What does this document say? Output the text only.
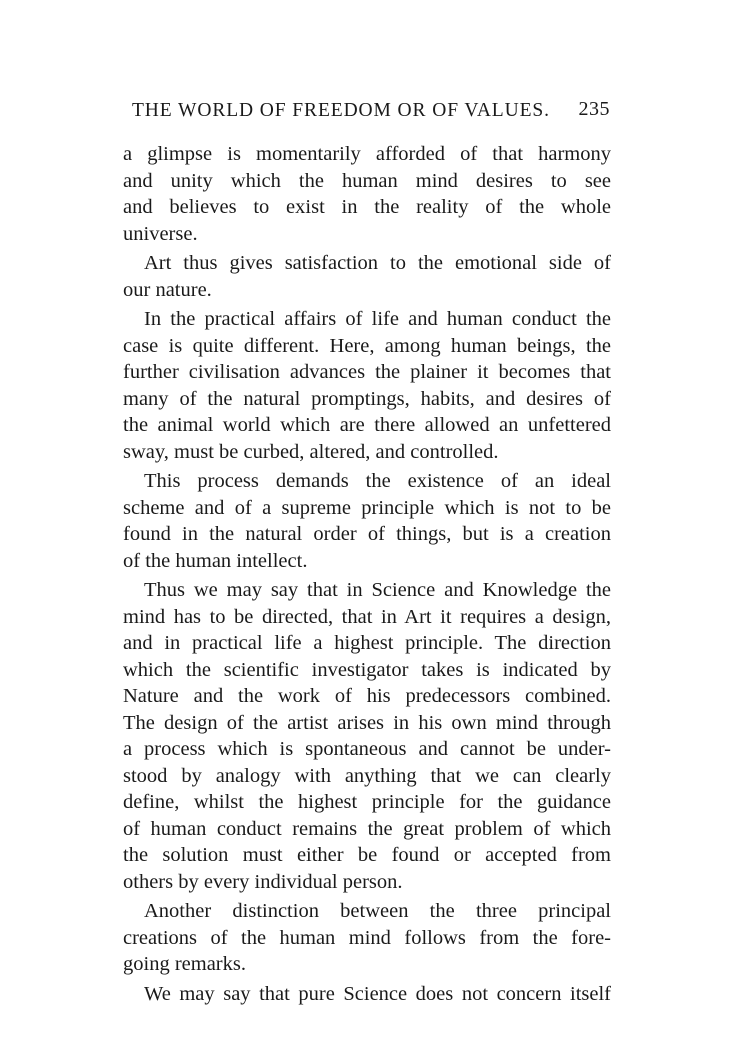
THE WORLD OF FREEDOM OR OF VALUES. 235
a glimpse is momentarily afforded of that harmony
and unity which the human mind desires to see
and believes to exist in the reality of the whole
universe.
Art thus gives satisfaction to the emotional side of
our nature.
In the practical affairs of life and human conduct the
case is quite different. Here, among human beings, the
further civilisation advances the plainer it becomes that
many of the natural promptings, habits, and desires of
the animal world which are there allowed an unfettered
sway, must be curbed, altered, and controlled.
This process demands the existence of an ideal
scheme and of a supreme principle which is not to be
found in the natural order of things, but is a creation
of the human intellect.
Thus we may say that in Science and Knowledge the
mind has to be directed, that in Art it requires a design,
and in practical life a highest principle. The direction
which the scientific investigator takes is indicated by
Nature and the work of his predecessors combined.
The design of the artist arises in his own mind through
a process which is spontaneous and cannot be under-
stood by analogy with anything that we can clearly
define, whilst the highest principle for the guidance
of human conduct remains the great problem of which
the solution must either be found or accepted from
others by every individual person.
Another distinction between the three principal
creations of the human mind follows from the fore-
going remarks.
We may say that pure Science does not concern itself
